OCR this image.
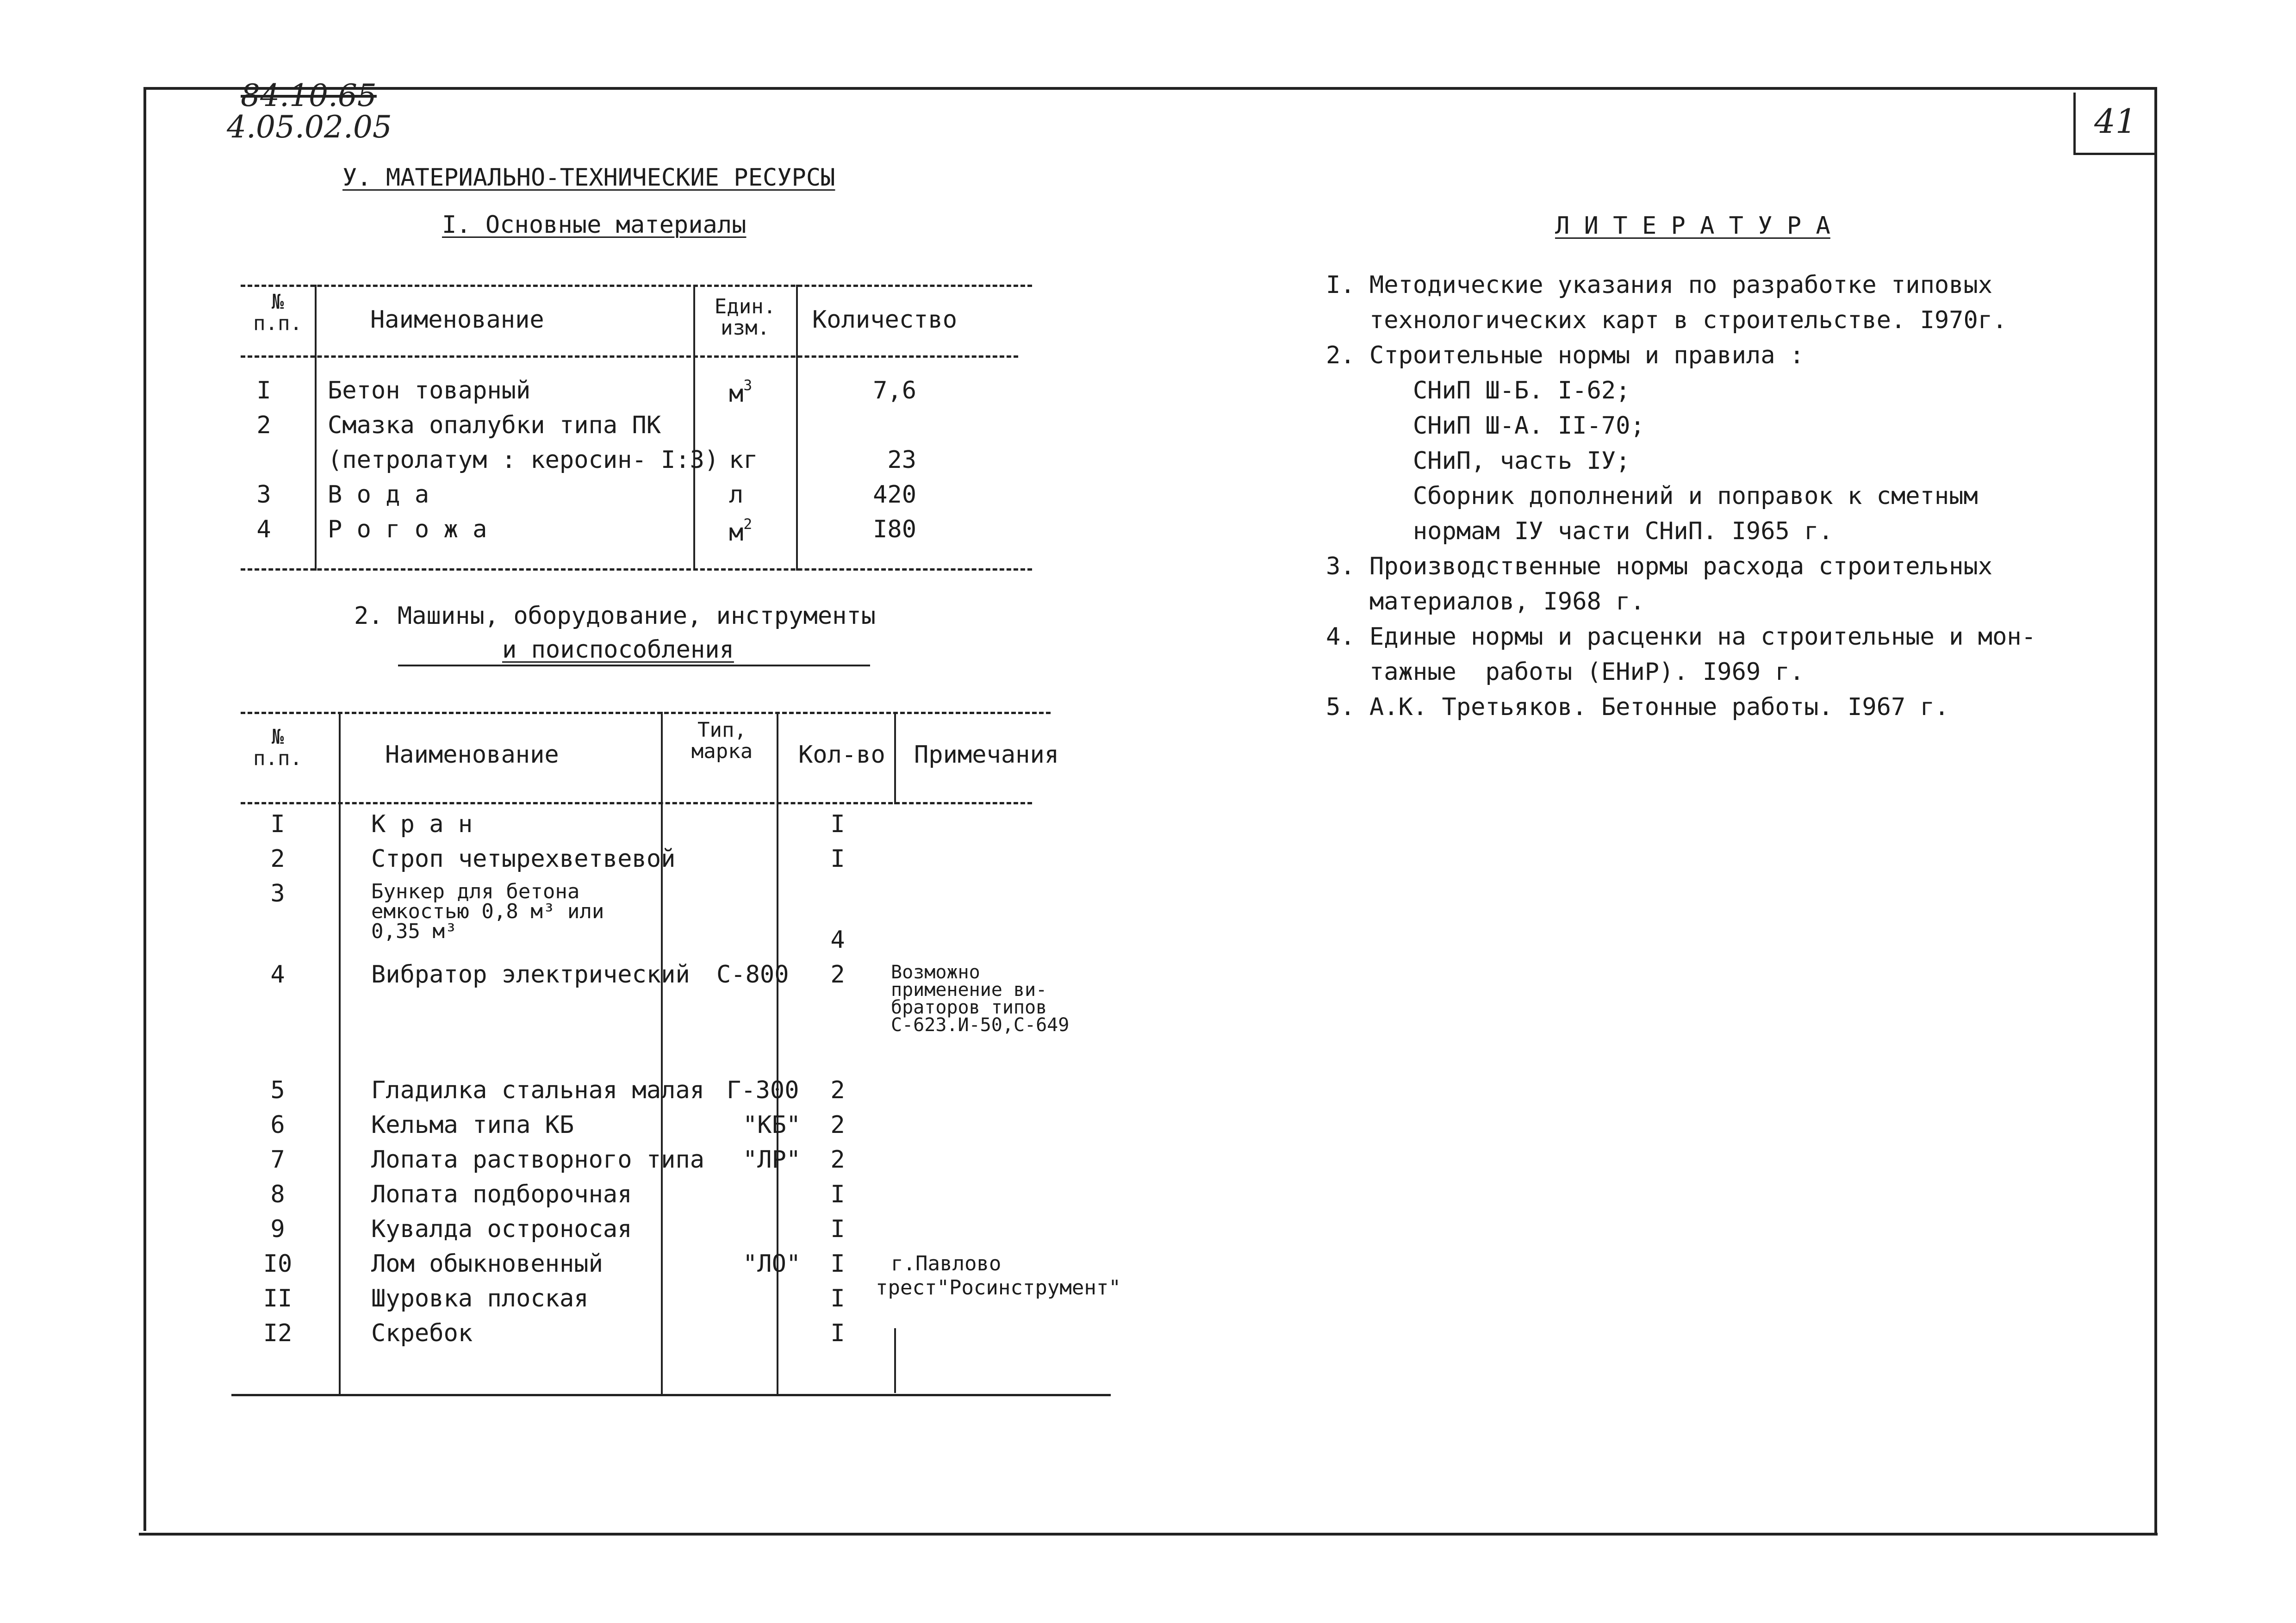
41
84.10.65
4.05.02.05
У. МАТЕРИАЛЬНО-ТЕХНИЧЕСКИЕ РЕСУРСЫ
I. Основные материалы
№
п.п.	Наименование	Един.
изм.	Количество
I	Бетон товарный	$м^3$	7,6
2	Смазка опалубки типа ПК
(петролатум : керосин- I:3) кг	23
3	В о д а	л	420
4	Р о г о ж а	$м^2$	I80
2. Машины, оборудование, инструменты
и поиспособления
№
п.п.	Наименование
Тип,
марка	Кол-во Примечания
I	К р а н	I
2	Строп четырехветвевой	I
3	Бункер для бетона
емкостью 0,8 м³ или
0,35 м³	4
4	Вибратор электрический С-800	2	Возможно
применение ви-
браторов типов
С-623.И-50,С-649
5	Гладилка стальная малая Г-300	2
6	Кельма типа КБ	"КБ"	2
7	Лопата растворного типа "ЛР"	2
8	Лопата подборочная	I
9	Кувалда остроносая	I
I0	Лом обыкновенный	"ЛО"	I	г.Павлово
II	Шуровка плоская	I	трест"Росинструмент"
I2	Скребок	I
Л И Т Е Р А Т У Р А
I. Методические указания по разработке типовых
технологических карт в строительстве. I970г.
2. Строительные нормы и правила :
СНиП Ш-Б. I-62;
СНиП Ш-А. II-70;
СНиП, часть IУ;
Сборник дополнений и поправок к сметным
нормам IУ части СНиП. I965 г.
3. Производственные нормы расхода строительных
материалов, I968 г.
4. Единые нормы и расценки на строительные и мон-
тажные  работы (ЕНиР). I969 г.
5. А.К. Третьяков. Бетонные работы. I967 г.
